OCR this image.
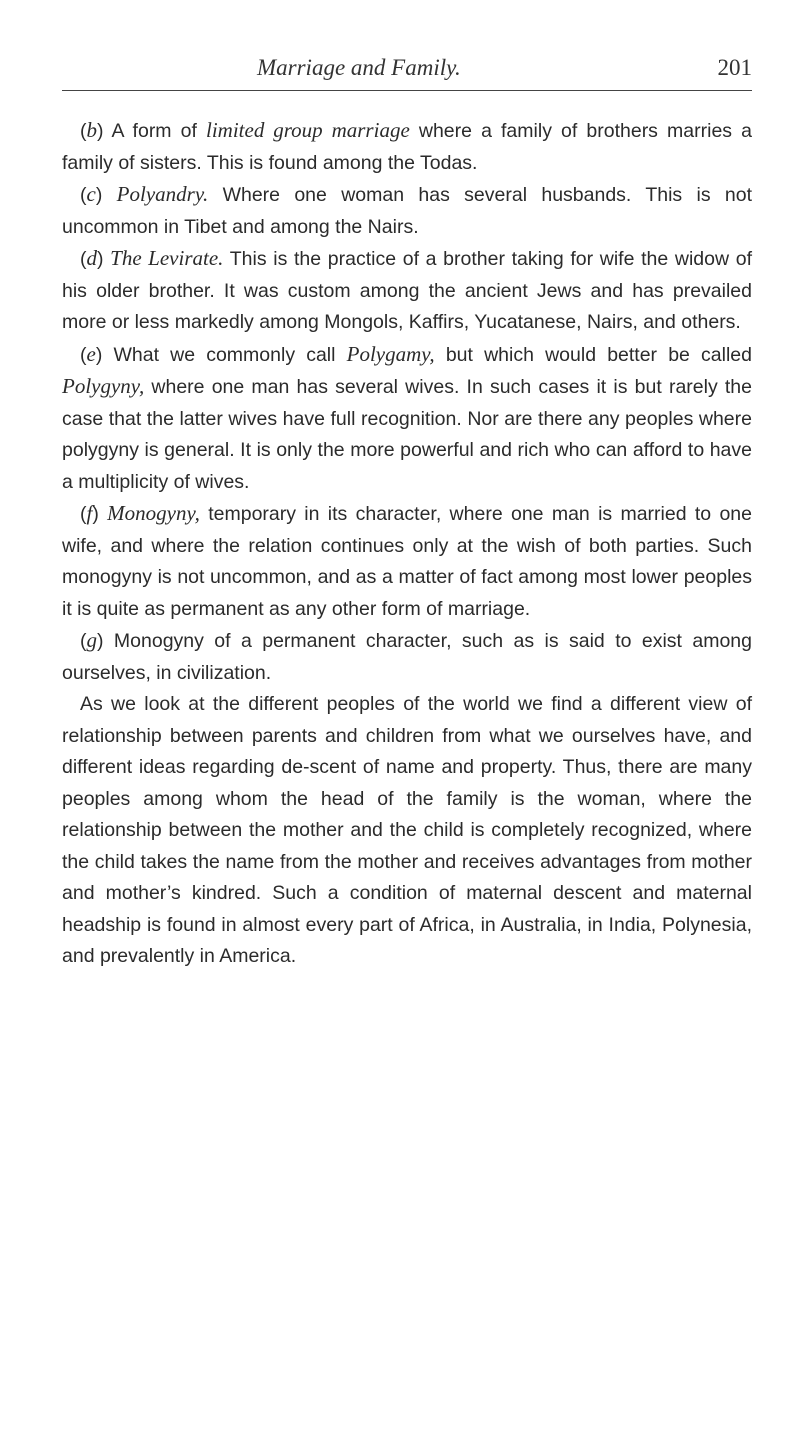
Marriage and Family.	201

(b) A form of limited group marriage where a family of brothers marries a family of sisters. This is found among the Todas.

(c) Polyandry. Where one woman has several husbands. This is not uncommon in Tibet and among the Nairs.

(d) The Levirate. This is the practice of a brother taking for wife the widow of his older brother. It was custom among the ancient Jews and has prevailed more or less markedly among Mongols, Kaffirs, Yucatanese, Nairs, and others.

(e) What we commonly call Polygamy, but which would better be called Polygyny, where one man has several wives. In such cases it is but rarely the case that the latter wives have full recognition. Nor are there any peoples where polygyny is general. It is only the more powerful and rich who can afford to have a multiplicity of wives.

(f) Monogyny, temporary in its character, where one man is married to one wife, and where the relation continues only at the wish of both parties. Such monogyny is not uncommon, and as a matter of fact among most lower peoples it is quite as permanent as any other form of marriage.

(g) Monogyny of a permanent character, such as is said to exist among ourselves, in civilization.

As we look at the different peoples of the world we find a different view of relationship between parents and children from what we ourselves have, and different ideas regarding de-scent of name and property. Thus, there are many peoples among whom the head of the family is the woman, where the relationship between the mother and the child is completely recognized, where the child takes the name from the mother and receives advantages from mother and mother’s kindred. Such a condition of maternal descent and maternal headship is found in almost every part of Africa, in Australia, in India, Polynesia, and prevalently in America.
